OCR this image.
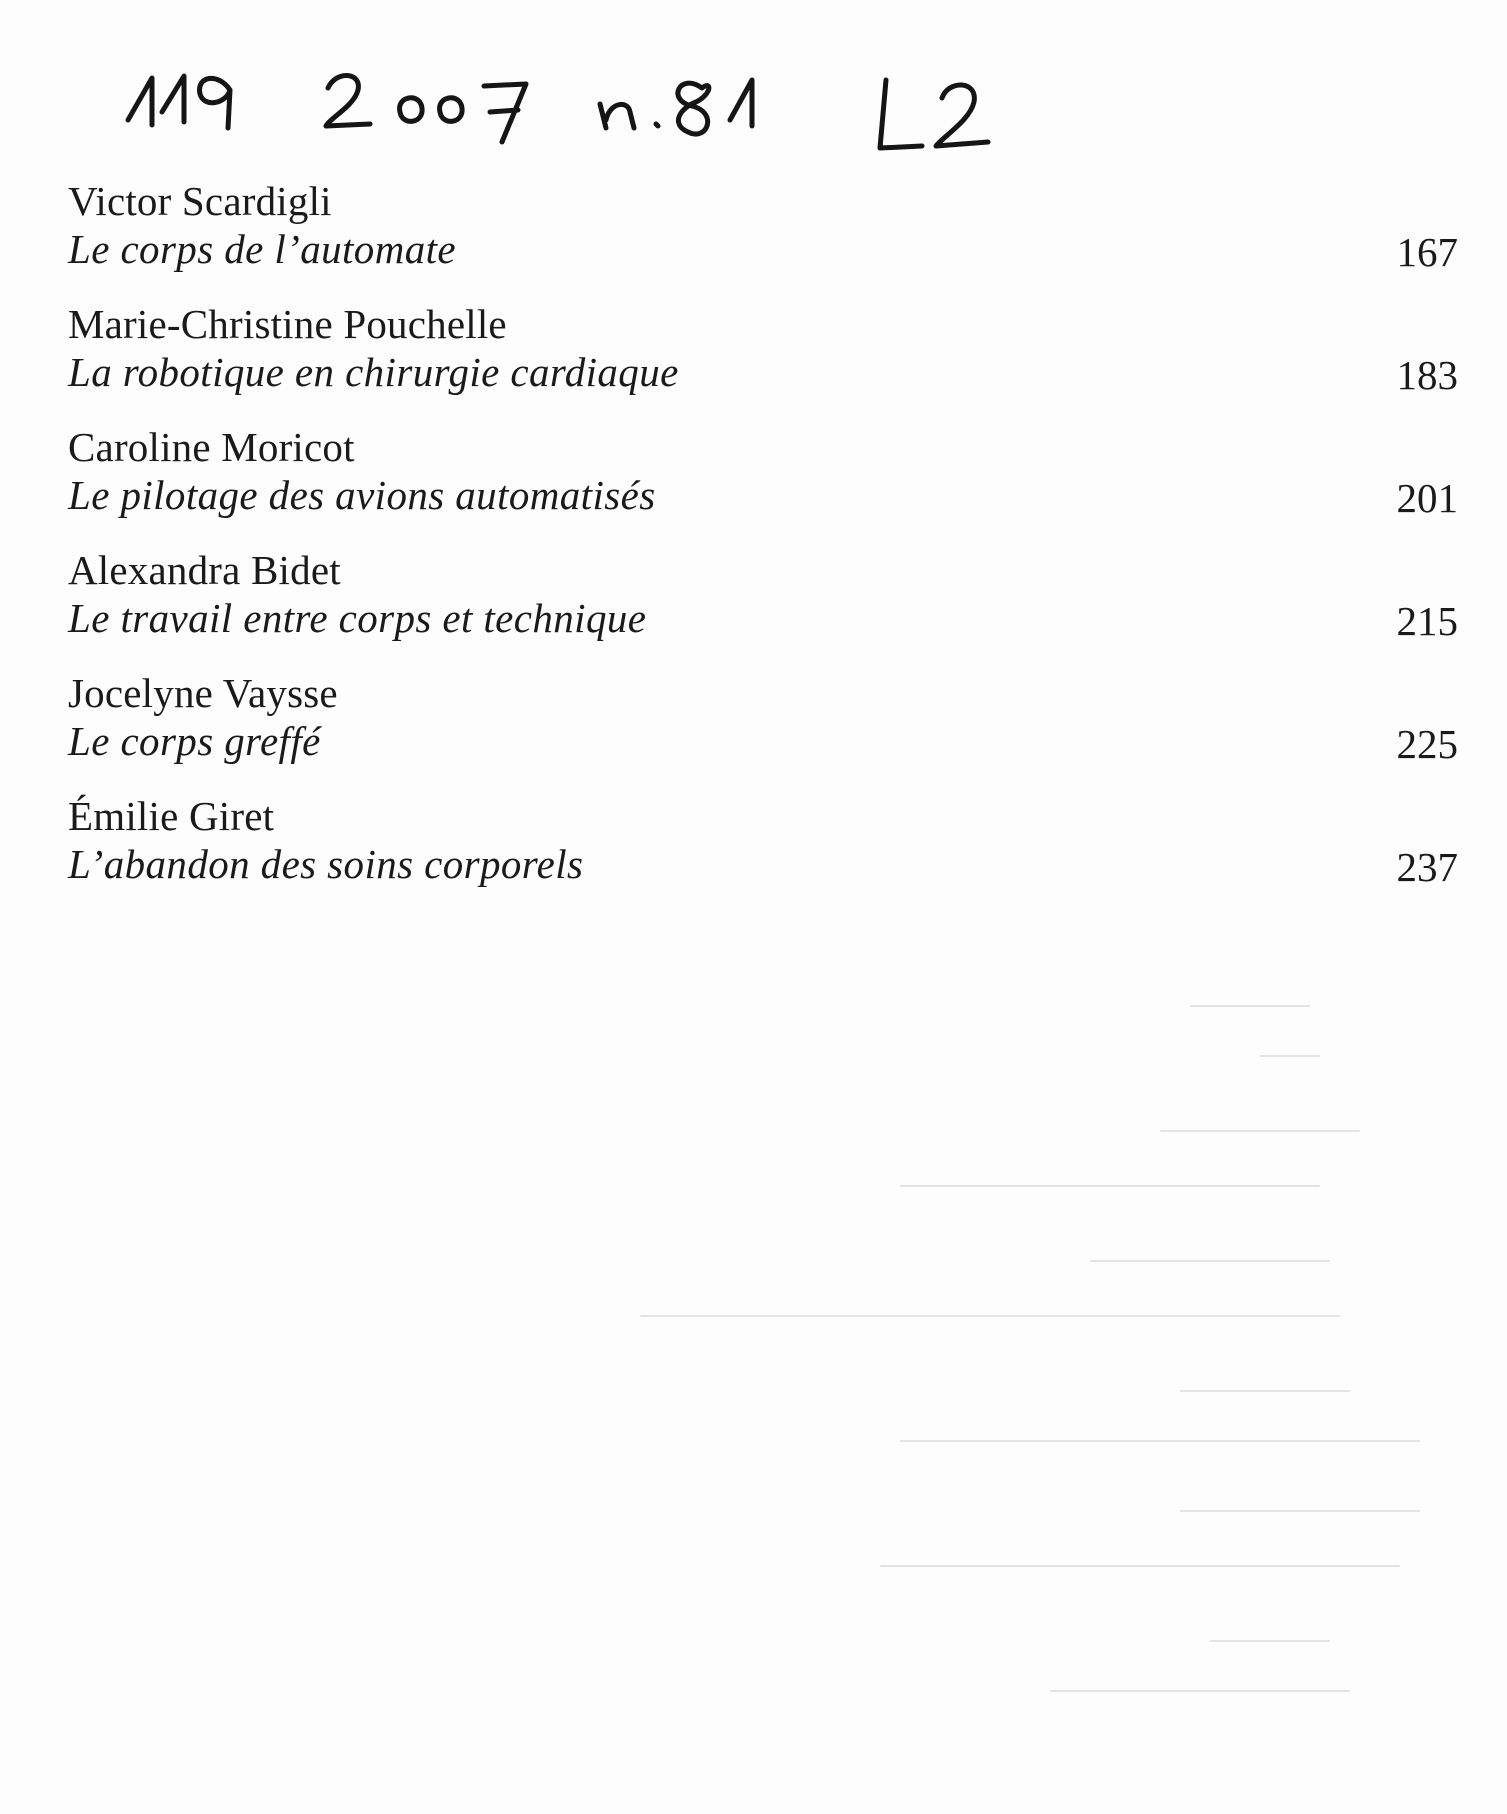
Victor Scardigli
Le corps de l’automate	167
Marie-Christine Pouchelle
La robotique en chirurgie cardiaque	183
Caroline Moricot
Le pilotage des avions automatisés	201
Alexandra Bidet
Le travail entre corps et technique	215
Jocelyne Vaysse
Le corps greffé	225
Émilie Giret
L’abandon des soins corporels	237
